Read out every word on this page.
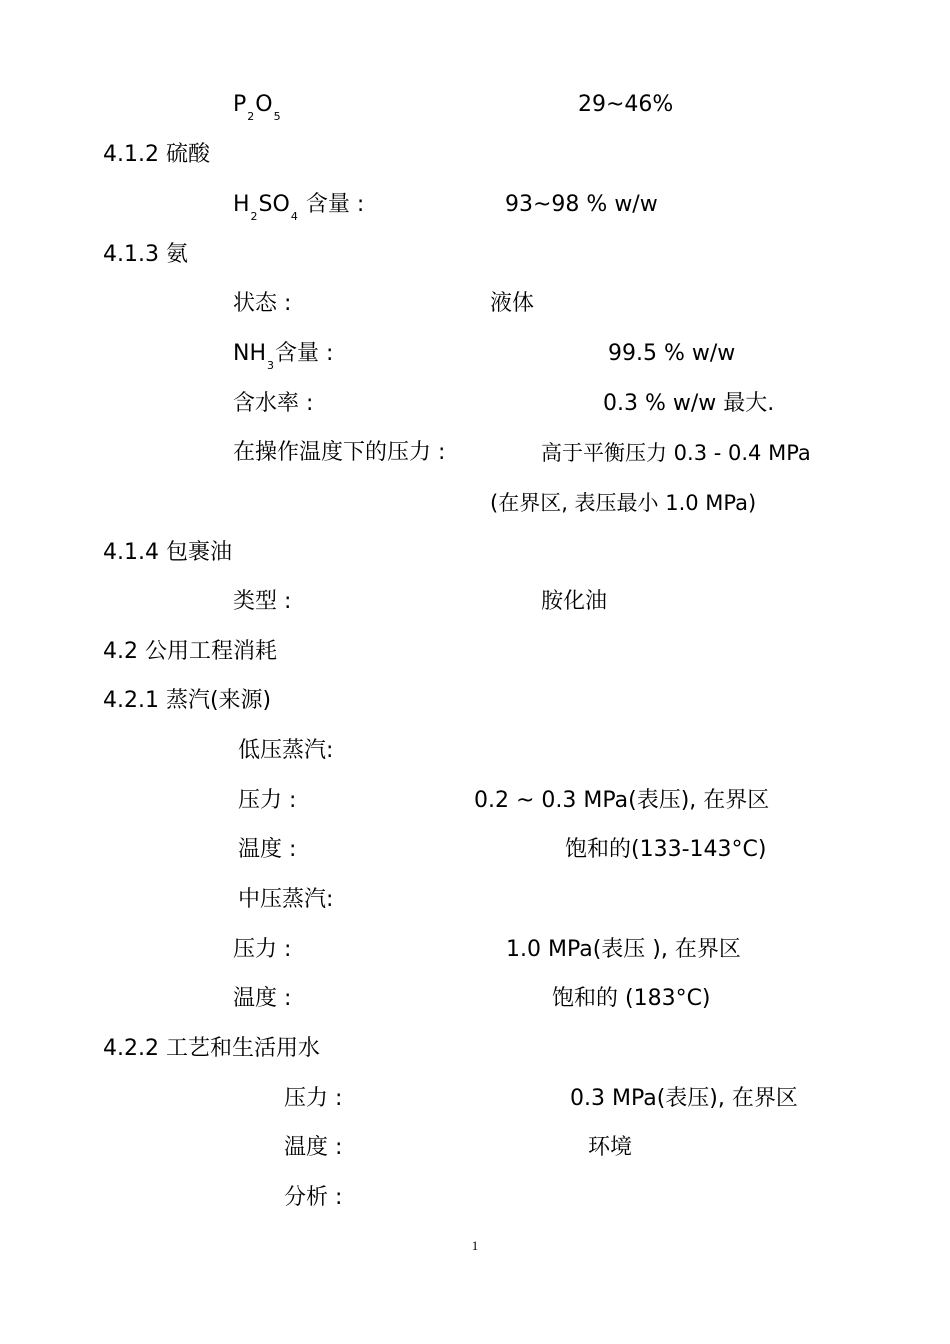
$P_2O_5$	29~46%
4.1.2 硫酸
$H_2SO_4$ 含量 :	93~98 % w/w
4.1.3 氨
状态 :	液体
$NH_3$含量 :	99.5 % w/w
含水率 :	0.3 % w/w 最大.
在操作温度下的压力 :	高于平衡压力 0.3 - 0.4 MPa
(在界区, 表压最小 1.0 MPa)
4.1.4 包裹油
类型 :	胺化油
4.2 公用工程消耗
4.2.1 蒸汽(来源)
低压蒸汽:
压力 :	0.2 ~ 0.3 MPa(表压), 在界区
温度 :	饱和的(133-143°C)
中压蒸汽:
压力 :	1.0 MPa(表压 ), 在界区
温度 :	饱和的 (183°C)
4.2.2 工艺和生活用水
压力 :	0.3 MPa(表压), 在界区
温度 :	环境
分析 :
1
